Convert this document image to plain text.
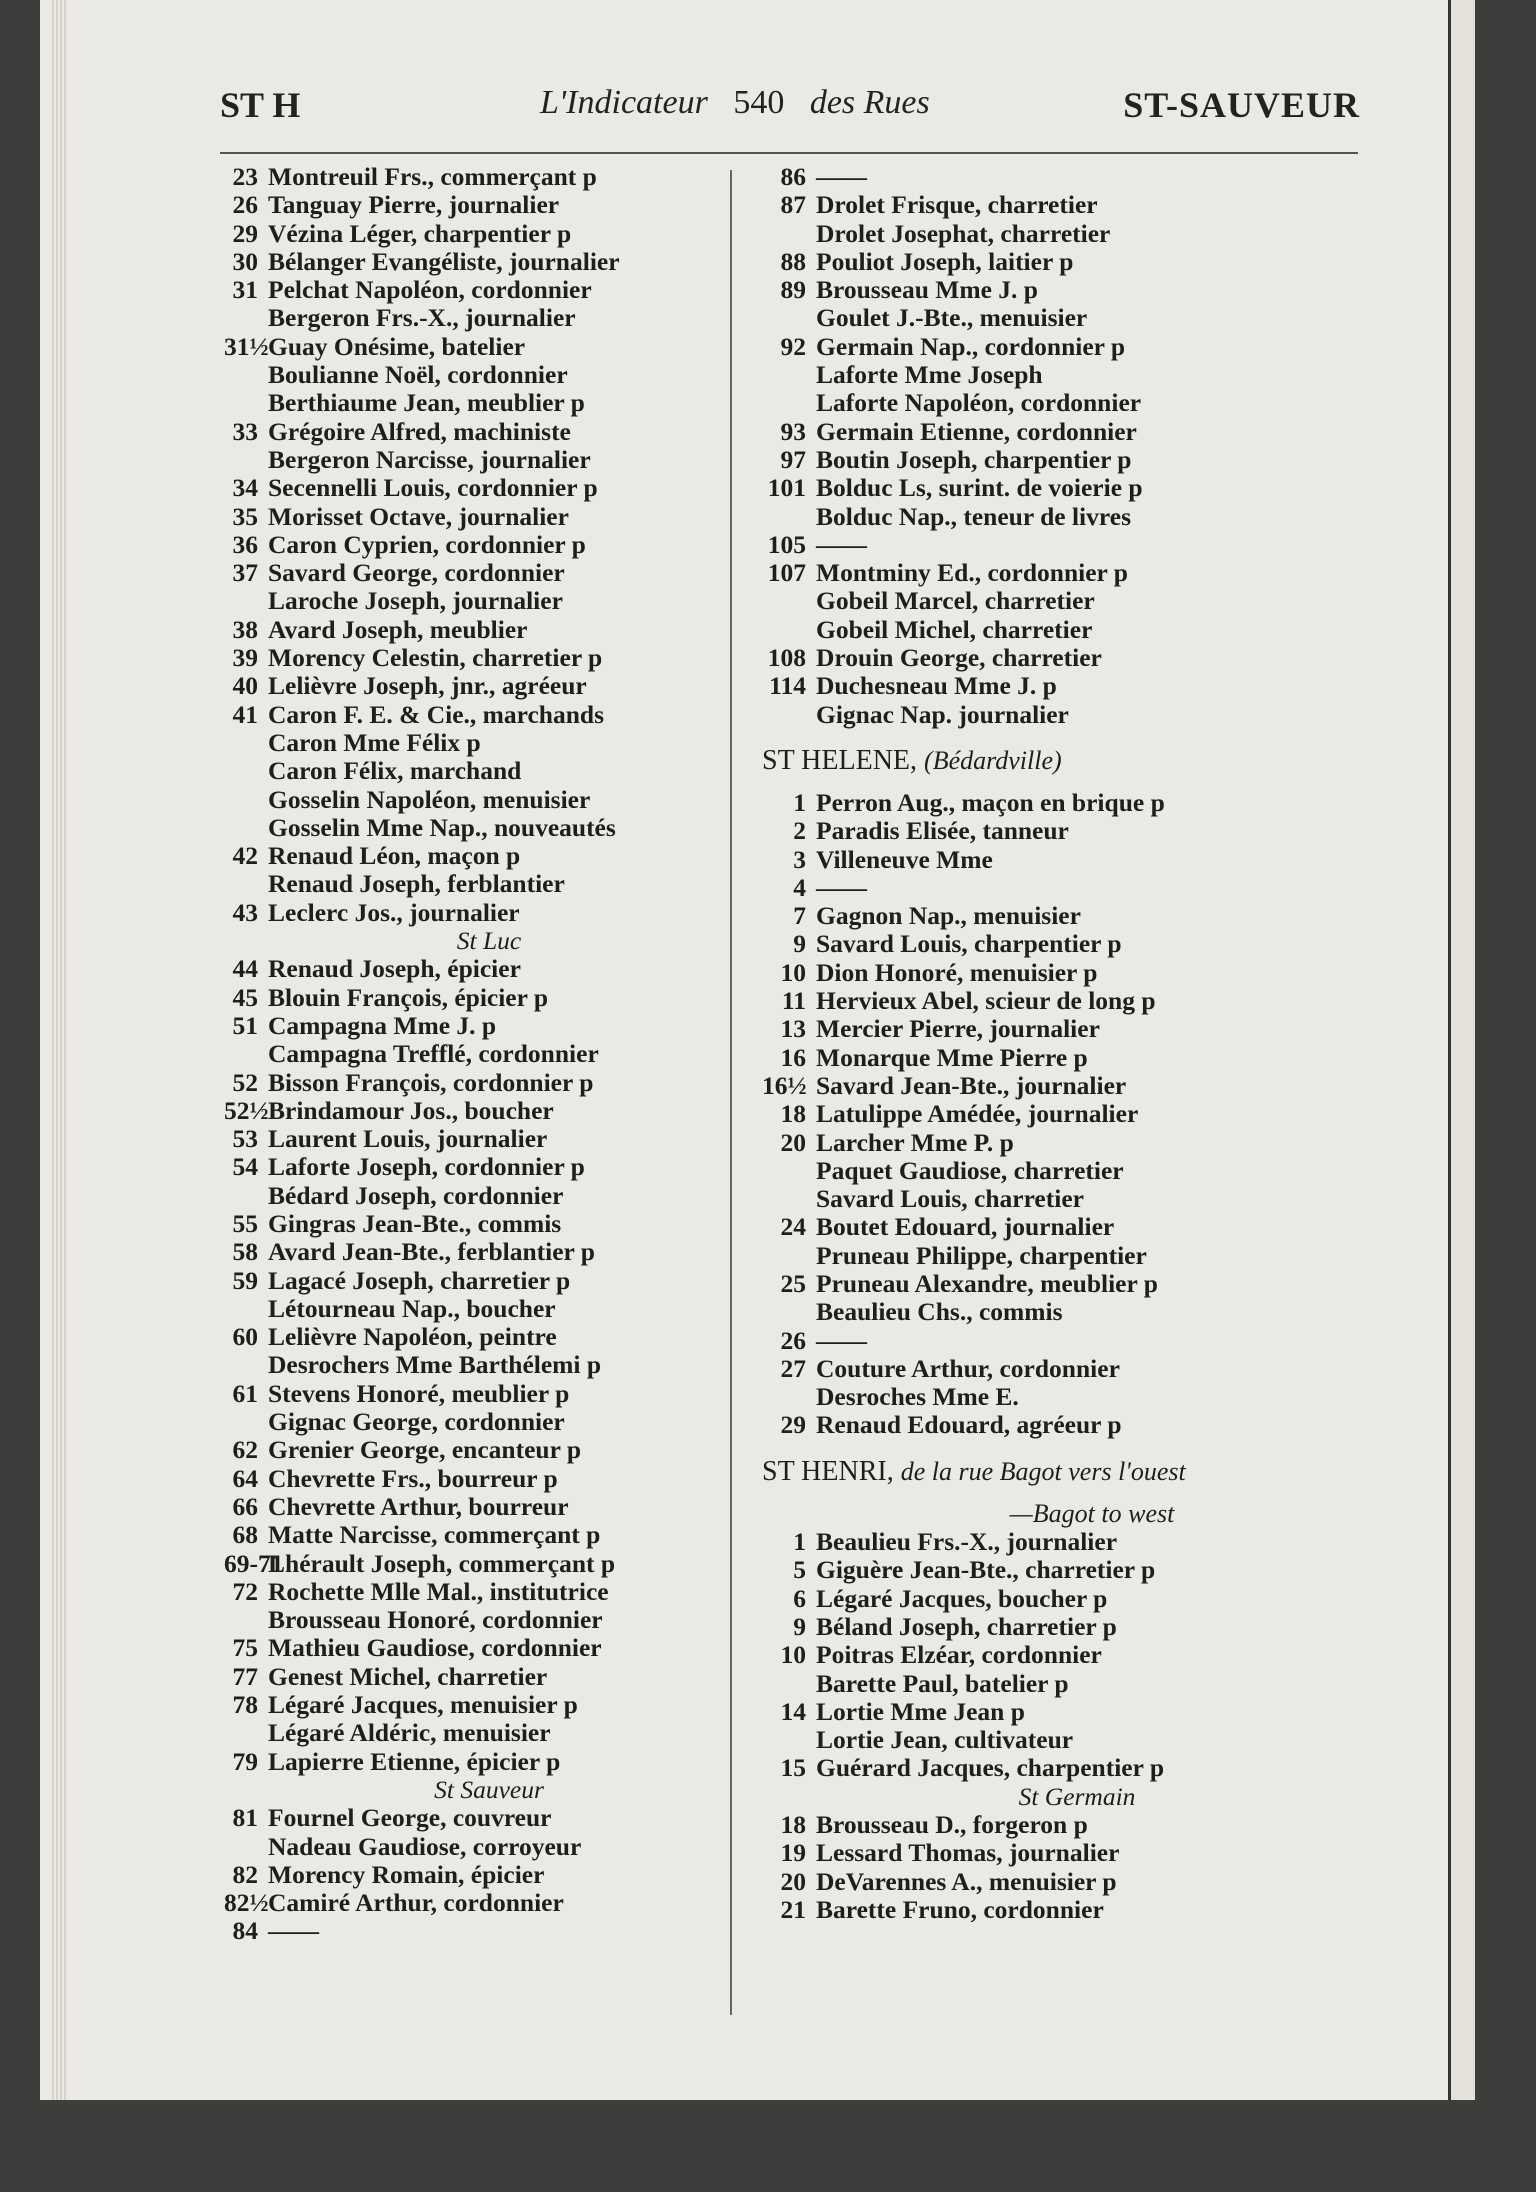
ST H	L'Indicateur 540 des Rues	ST-SAUVEUR
23 Montreuil Frs., commerçant p
26 Tanguay Pierre, journalier
29 Vézina Léger, charpentier p
30 Bélanger Evangéliste, journalier
31 Pelchat Napoléon, cordonnier
Bergeron Frs.-X., journalier
31½ Guay Onésime, batelier
Boulianne Noël, cordonnier
Berthiaume Jean, meublier p
33 Grégoire Alfred, machiniste
Bergeron Narcisse, journalier
34 Secennelli Louis, cordonnier p
35 Morisset Octave, journalier
36 Caron Cyprien, cordonnier p
37 Savard George, cordonnier
Laroche Joseph, journalier
38 Avard Joseph, meublier
39 Morency Celestin, charretier p
40 Lelièvre Joseph, jnr., agréeur
41 Caron F. E. & Cie., marchands
Caron Mme Félix p
Caron Félix, marchand
Gosselin Napoléon, menuisier
Gosselin Mme Nap., nouveautés
42 Renaud Léon, maçon p
Renaud Joseph, ferblantier
43 Leclerc Jos., journalier
St Luc
44 Renaud Joseph, épicier
45 Blouin François, épicier p
51 Campagna Mme J. p
Campagna Trefflé, cordonnier
52 Bisson François, cordonnier p
52½ Brindamour Jos., boucher
53 Laurent Louis, journalier
54 Laforte Joseph, cordonnier p
Bédard Joseph, cordonnier
55 Gingras Jean-Bte., commis
58 Avard Jean-Bte., ferblantier p
59 Lagacé Joseph, charretier p
Létourneau Nap., boucher
60 Lelièvre Napoléon, peintre
Desrochers Mme Barthélemi p
61 Stevens Honoré, meublier p
Gignac George, cordonnier
62 Grenier George, encanteur p
64 Chevrette Frs., bourreur p
66 Chevrette Arthur, bourreur
68 Matte Narcisse, commerçant p
69-71
Lhérault Joseph, commerçant p
72 Rochette Mlle Mal., institutrice
Brousseau Honoré, cordonnier
75 Mathieu Gaudiose, cordonnier
77 Genest Michel, charretier
78 Légaré Jacques, menuisier p
Légaré Aldéric, menuisier
79 Lapierre Etienne, épicier p
St Sauveur
81 Fournel George, couvreur
Nadeau Gaudiose, corroyeur
82 Morency Romain, épicier
82½ Camiré Arthur, cordonnier
84 ——
86 ——
87 Drolet Frisque, charretier
Drolet Josephat, charretier
88 Pouliot Joseph, laitier p
89 Brousseau Mme J. p
Goulet J.-Bte., menuisier
92 Germain Nap., cordonnier p
Laforte Mme Joseph
Laforte Napoléon, cordonnier
93 Germain Etienne, cordonnier
97 Boutin Joseph, charpentier p
101 Bolduc Ls, surint. de voierie p
Bolduc Nap., teneur de livres
105 ——
107 Montminy Ed., cordonnier p
Gobeil Marcel, charretier
Gobeil Michel, charretier
108 Drouin George, charretier
114 Duchesneau Mme J. p
Gignac Nap. journalier
ST HELENE, (Bédardville)
1 Perron Aug., maçon en brique p
2 Paradis Elisée, tanneur
3 Villeneuve Mme
4 ——
7 Gagnon Nap., menuisier
9 Savard Louis, charpentier p
10 Dion Honoré, menuisier p
11 Hervieux Abel, scieur de long p
13 Mercier Pierre, journalier
16 Monarque Mme Pierre p
16½ Savard Jean-Bte., journalier
18 Latulippe Amédée, journalier
20 Larcher Mme P. p
Paquet Gaudiose, charretier
Savard Louis, charretier
24 Boutet Edouard, journalier
Pruneau Philippe, charpentier
25 Pruneau Alexandre, meublier p
Beaulieu Chs., commis
26 ——
27 Couture Arthur, cordonnier
Desroches Mme E.
29 Renaud Edouard, agréeur p
ST HENRI, de la rue Bagot vers l'ouest
—Bagot to west
1 Beaulieu Frs.-X., journalier
5 Giguère Jean-Bte., charretier p
6 Légaré Jacques, boucher p
9 Béland Joseph, charretier p
10 Poitras Elzéar, cordonnier
Barette Paul, batelier p
14 Lortie Mme Jean p
Lortie Jean, cultivateur
15 Guérard Jacques, charpentier p
St Germain
18 Brousseau D., forgeron p
19 Lessard Thomas, journalier
20 DeVarennes A., menuisier p
21 Barette Fruno, cordonnier
